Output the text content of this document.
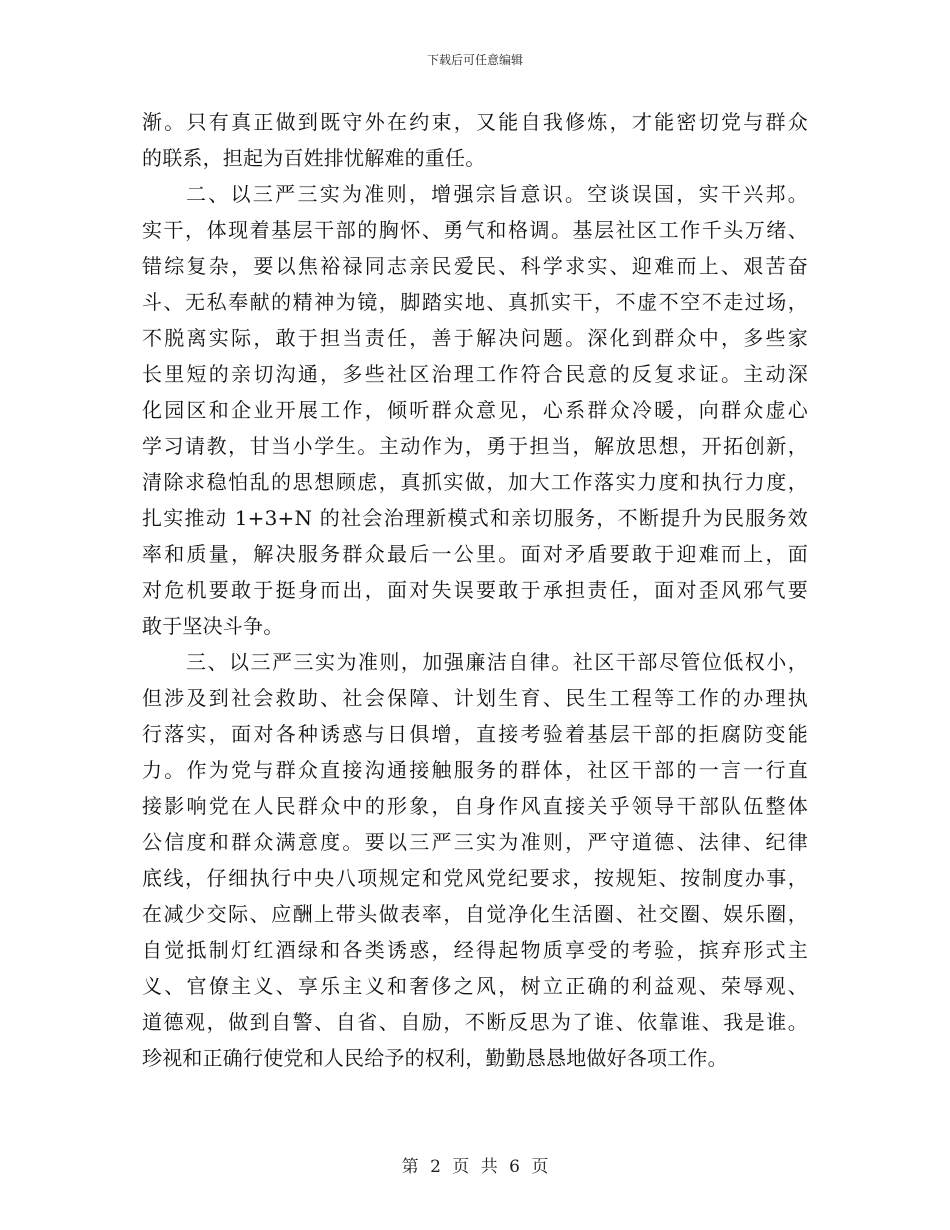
下载后可任意编辑
渐。只有真正做到既守外在约束，又能自我修炼，才能密切党与群众
的联系，担起为百姓排忧解难的重任。
二、以三严三实为准则，增强宗旨意识。空谈误国，实干兴邦。
实干，体现着基层干部的胸怀、勇气和格调。基层社区工作千头万绪、
错综复杂，要以焦裕禄同志亲民爱民、科学求实、迎难而上、艰苦奋
斗、无私奉献的精神为镜，脚踏实地、真抓实干，不虚不空不走过场，
不脱离实际，敢于担当责任，善于解决问题。深化到群众中，多些家
长里短的亲切沟通，多些社区治理工作符合民意的反复求证。主动深
化园区和企业开展工作，倾听群众意见，心系群众冷暖，向群众虚心
学习请教，甘当小学生。主动作为，勇于担当，解放思想，开拓创新，
清除求稳怕乱的思想顾虑，真抓实做，加大工作落实力度和执行力度，
扎实推动 1+3+N 的社会治理新模式和亲切服务，不断提升为民服务效
率和质量，解决服务群众最后一公里。面对矛盾要敢于迎难而上，面
对危机要敢于挺身而出，面对失误要敢于承担责任，面对歪风邪气要
敢于坚决斗争。
三、以三严三实为准则，加强廉洁自律。社区干部尽管位低权小，
但涉及到社会救助、社会保障、计划生育、民生工程等工作的办理执
行落实，面对各种诱惑与日俱增，直接考验着基层干部的拒腐防变能
力。作为党与群众直接沟通接触服务的群体，社区干部的一言一行直
接影响党在人民群众中的形象，自身作风直接关乎领导干部队伍整体
公信度和群众满意度。要以三严三实为准则，严守道德、法律、纪律
底线，仔细执行中央八项规定和党风党纪要求，按规矩、按制度办事，
在减少交际、应酬上带头做表率，自觉净化生活圈、社交圈、娱乐圈，
自觉抵制灯红酒绿和各类诱惑，经得起物质享受的考验，摈弃形式主
义、官僚主义、享乐主义和奢侈之风，树立正确的利益观、荣辱观、
道德观，做到自警、自省、自励，不断反思为了谁、依靠谁、我是谁。
珍视和正确行使党和人民给予的权利，勤勤恳恳地做好各项工作。
第 2 页 共 6 页
